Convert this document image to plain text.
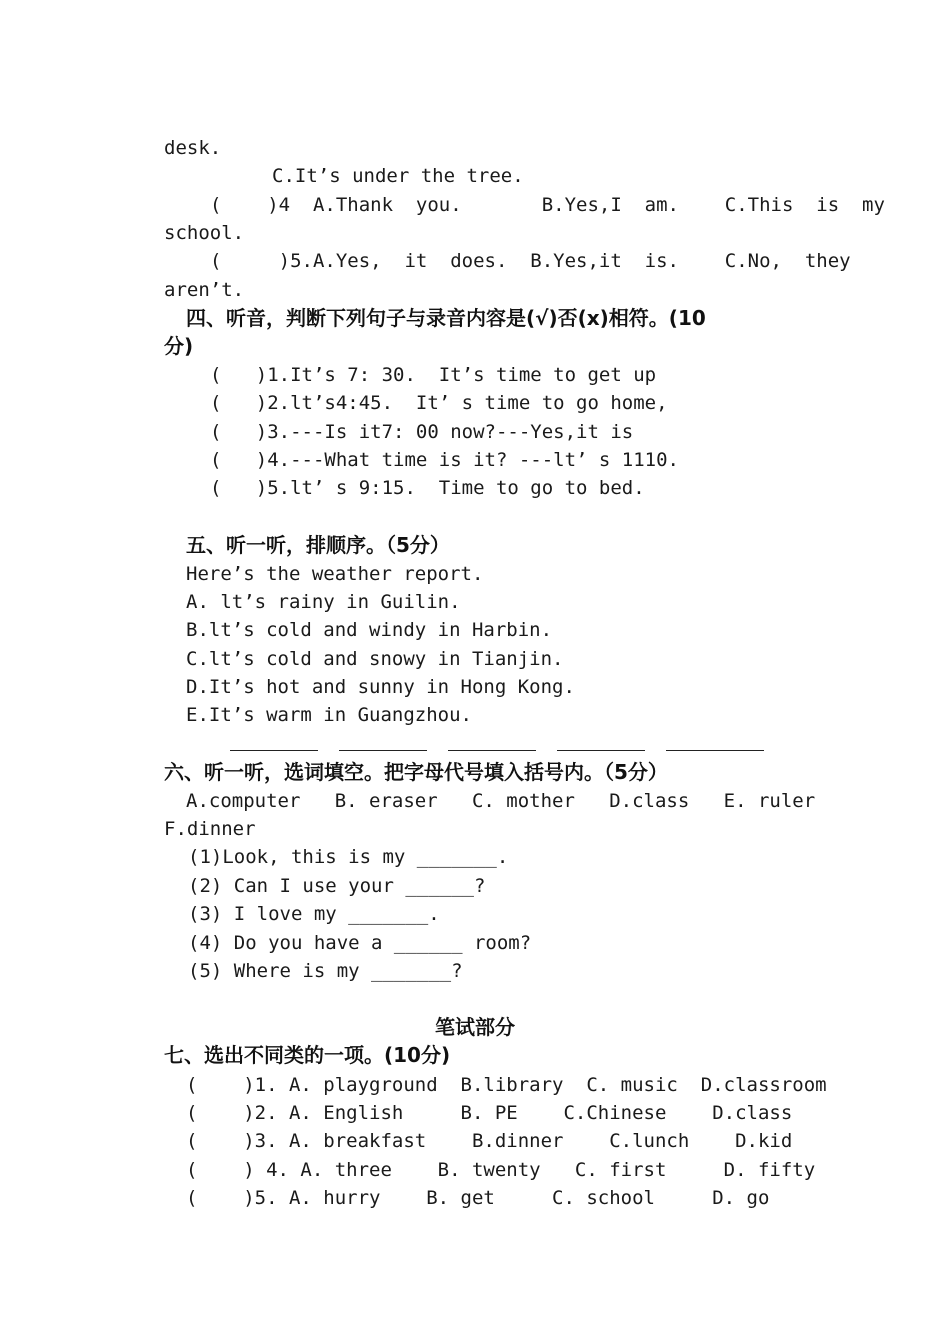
desk.
C.It’s under the tree.
(    )4  A.Thank  you.       B.Yes,I  am.    C.This  is  my
school.
(     )5.A.Yes,  it  does.  B.Yes,it  is.    C.No,  they
aren’t.
四、听音，判断下列句子与录音内容是(√)否(x)相符。(10
分)
(   )1.It’s 7: 30.  It’s time to get up
(   )2.lt’s4:45.  It’ s time to go home,
(   )3.---Is it7: 00 now?---Yes,it is
(   )4.---What time is it? ---lt’ s 1110.
(   )5.lt’ s 9:15.  Time to go to bed.
五、听一听，排顺序。（5分）
Here’s the weather report.
A. lt’s rainy in Guilin.
B.lt’s cold and windy in Harbin.
C.lt’s cold and snowy in Tianjin.
D.It’s hot and sunny in Hong Kong.
E.It’s warm in Guangzhou.
六、听一听，选词填空。把字母代号填入括号内。（5分）
A.computer   B. eraser   C. mother   D.class   E. ruler
F.dinner
(1)Look, this is my _______.
(2) Can I use your ______?
(3) I love my _______.
(4) Do you have a ______ room?
(5) Where is my _______?
笔试部分
七、选出不同类的一项。(10分)
(    )1. A. playground  B.library  C. music  D.classroom
(    )2. A. English     B. PE    C.Chinese    D.class
(    )3. A. breakfast    B.dinner    C.lunch    D.kid
(    ) 4. A. three    B. twenty   C. first     D. fifty
(    )5. A. hurry    B. get     C. school     D. go
